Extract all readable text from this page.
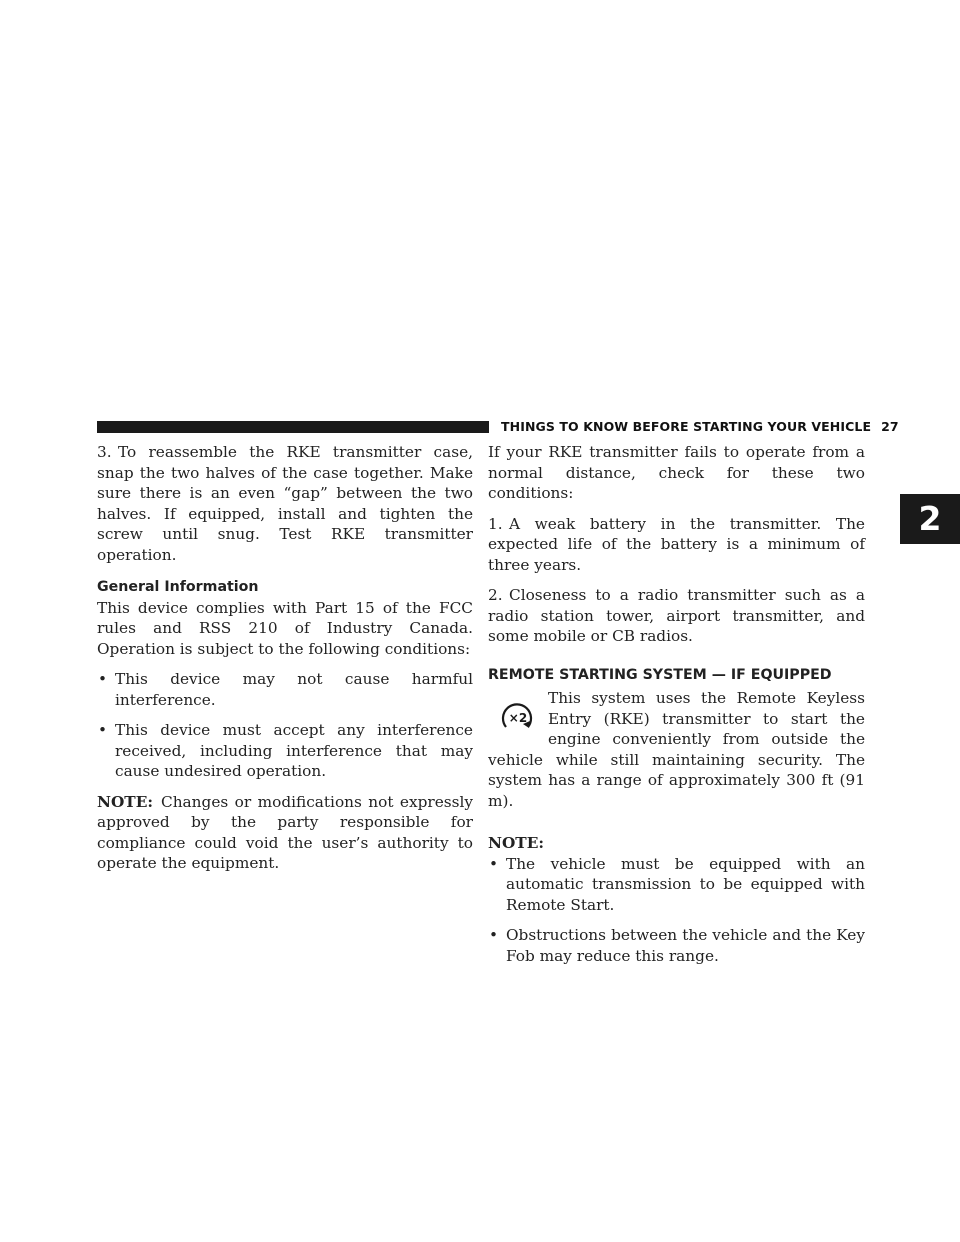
THINGS TO KNOW BEFORE STARTING YOUR VEHICLE 27
2

3. To reassemble the RKE transmitter case, snap the two halves of the case together. Make sure there is an even “gap” between the two halves. If equipped, install and tighten the screw until snug. Test RKE transmitter operation.

General Information

This device complies with Part 15 of the FCC rules and RSS 210 of Industry Canada. Operation is subject to the following conditions:

• This device may not cause harmful interference.
• This device must accept any interference received, including interference that may cause undesired operation.

NOTE: Changes or modifications not expressly approved by the party responsible for compliance could void the user’s authority to operate the equipment.

If your RKE transmitter fails to operate from a normal distance, check for these two conditions:

1. A weak battery in the transmitter. The expected life of the battery is a minimum of three years.

2. Closeness to a radio transmitter such as a radio station tower, airport transmitter, and some mobile or CB radios.

REMOTE STARTING SYSTEM — IF EQUIPPED
×2

This system uses the Remote Keyless Entry (RKE) transmitter to start the engine conveniently from outside the vehicle while still maintaining security. The system has a range of approximately 300 ft (91 m).

NOTE:
• The vehicle must be equipped with an automatic transmission to be equipped with Remote Start.
• Obstructions between the vehicle and the Key Fob may reduce this range.
